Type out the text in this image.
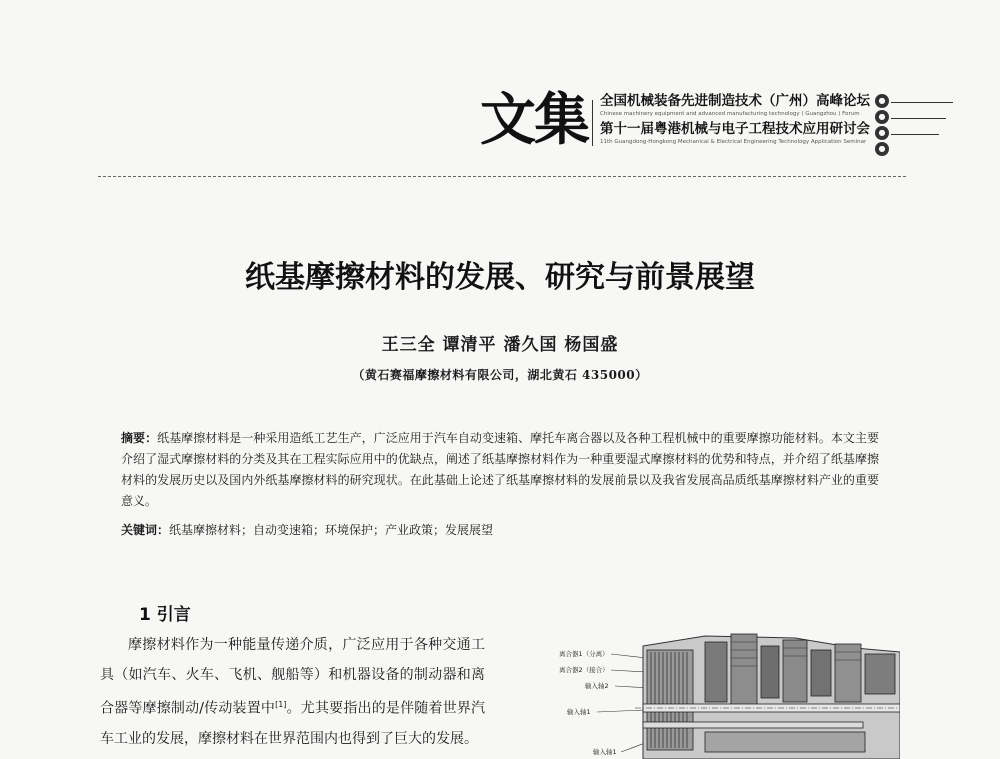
文集 全国机械装备先进制造技术（广州）高峰论坛
Chinese machinery equipment and advanced manufacturing technology ( Guangzhou ) Forum
第十一届粤港机械与电子工程技术应用研讨会
11th Guangdong-Hongkong Mechanical & Electrical Engineering Technology Application Seminar
●
●
●
●
纸基摩擦材料的发展、研究与前景展望
王三全 谭清平 潘久国 杨国盛
（黄石赛福摩擦材料有限公司，湖北黄石 435000）
摘要：纸基摩擦材料是一种采用造纸工艺生产，广泛应用于汽车自动变速箱、摩托车离合器以及各种工程机械中的重要摩擦功能材料。本文主要介绍了湿式摩擦材料的分类及其在工程实际应用中的优缺点，阐述了纸基摩擦材料作为一种重要湿式摩擦材料的优势和特点，并介绍了纸基摩擦材料的发展历史以及国内外纸基摩擦材料的研究现状。在此基础上论述了纸基摩擦材料的发展前景以及我省发展高品质纸基摩擦材料产业的重要意义。
关键词：纸基摩擦材料；自动变速箱；环境保护；产业政策；发展展望
1 引言

摩擦材料作为一种能量传递介质，广泛应用于各种交通工具（如汽车、火车、飞机、舰船等）和机器设备的制动器和离合器等摩擦制动/传动装置中[1]。尤其要指出的是伴随着世界汽车工业的发展，摩擦材料在世界范围内也得到了巨大的发展。

离合器1（分离）
离合器2（接合）
输入轴2
输入轴1
输入轴1
